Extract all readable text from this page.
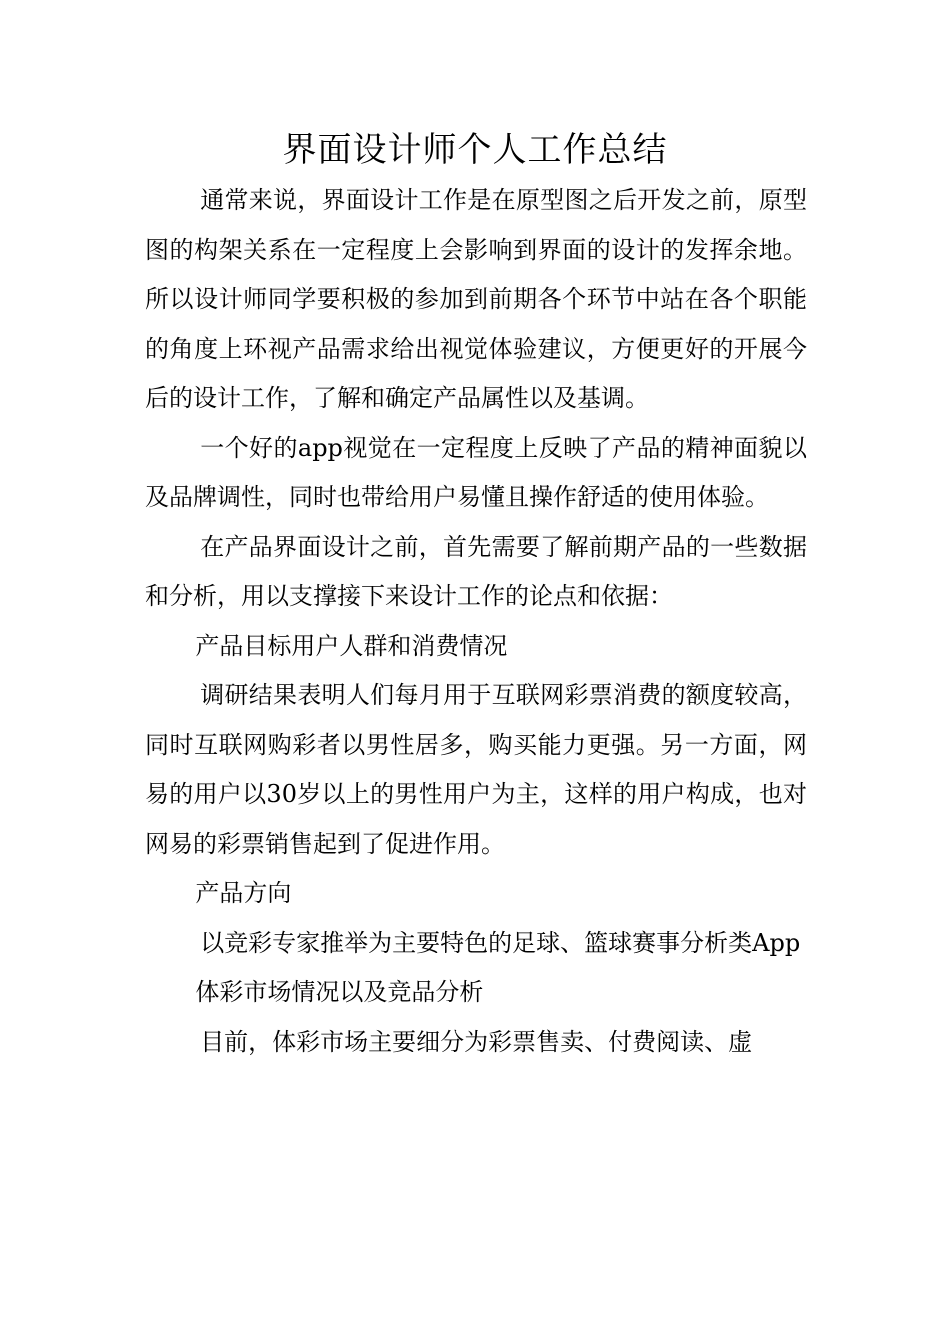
界面设计师个人工作总结

通常来说，界面设计工作是在原型图之后开发之前，原型图的构架关系在一定程度上会影响到界面的设计的发挥余地。所以设计师同学要积极的参加到前期各个环节中站在各个职能的角度上环视产品需求给出视觉体验建议，方便更好的开展今后的设计工作，了解和确定产品属性以及基调。

一个好的app视觉在一定程度上反映了产品的精神面貌以及品牌调性，同时也带给用户易懂且操作舒适的使用体验。

在产品界面设计之前，首先需要了解前期产品的一些数据和分析，用以支撑接下来设计工作的论点和依据：

产品目标用户人群和消费情况

调研结果表明人们每月用于互联网彩票消费的额度较高，同时互联网购彩者以男性居多，购买能力更强。另一方面，网易的用户以30岁以上的男性用户为主，这样的用户构成，也对网易的彩票销售起到了促进作用。

产品方向

以竞彩专家推举为主要特色的足球、篮球赛事分析类App

体彩市场情况以及竞品分析

目前，体彩市场主要细分为彩票售卖、付费阅读、虚
